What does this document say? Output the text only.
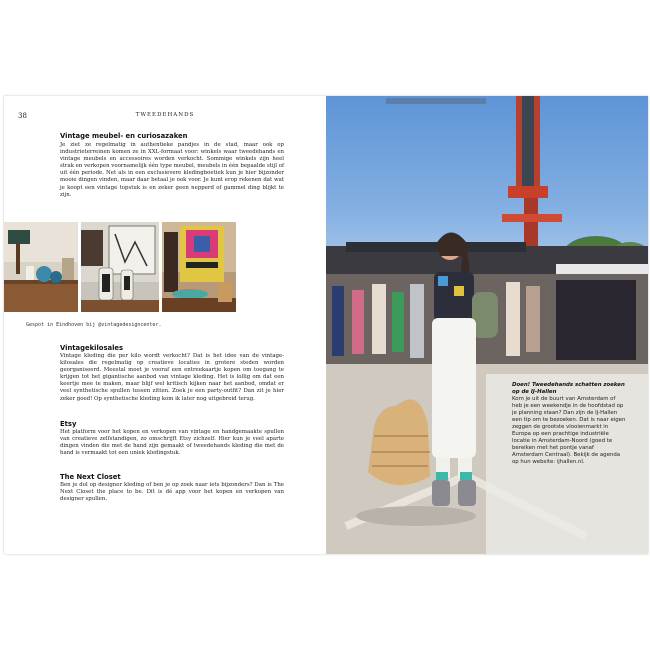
38	TWEEDEHANDS
Vintage meubel- en curiosazaken

Je ziet ze regelmatig in authentieke pandjes in de stad, maar ook op industrieterreinen komen ze in XXL-formaat voor: winkels waar tweedehands en vintage meubels en accessoires worden verkocht. Sommige winkels zijn heel strak en verkopen voornamelijk één type meubel, meubels in één bepaalde stijl of uit één periode. Net als in een exclusievere kledingboetiek kun je hier bijzonder mooie dingen vinden, maar daar betaal je ook voor. Je kunt erop rekenen dat wat je koopt een vintage topstuk is en zeker geen nepperd of gammel ding blijkt te zijn.

Gespot in Eindhoven bij @vintagedesigncenter.
Vintagekilosales

Vintage kleding die per kilo wordt verkocht? Dat is het idee van de vintage-kilosales die regelmatig op creatieve locaties in grotere steden worden georganiseerd. Meestal moet je vooraf een entreekaartje kopen om toegang te krijgen tot het gigantische aanbod van vintage kleding. Het is lollig om dat een keertje mee te maken, maar blijf wel kritisch kijken naar het aanbod, omdat er veel synthetische spullen tussen zitten. Zoek je een party-outfit? Dan zit je hier zeker goed! Op synthetische kleding kom ik later nog uitgebreid terug.

Etsy

Het platform voor het kopen en verkopen van vintage en handgemaakte spullen van creatieve zelfstandigen, zo omschrijft Etsy zichzelf. Hier kun je veel aparte dingen vinden die met de hand zijn gemaakt of tweedehands kleding die met de hand is vermaakt tot een uniek kledingstuk.

The Next Closet

Ben je dol op designer kleding of ben je op zoek naar iets bijzonders? Dan is The Next Closet the place to be. Dit is dé app voor het kopen en verkopen van designer spullen.

Doen! Tweedehands schatten zoeken op de IJ-Hallen
Kom je uit de buurt van Amsterdam of heb je een weekendje in de hoofdstad op je planning staan? Dan zijn de IJ-Hallen een tip om te bezoeken. Dat is naar eigen zeggen de grootste vlooienmarkt in Europa op een prachtige industriële locatie in Amsterdam-Noord (goed te bereiken met het pontje vanaf Amsterdam Centraal). Bekijk de agenda op hun website: ijhallen.nl.
